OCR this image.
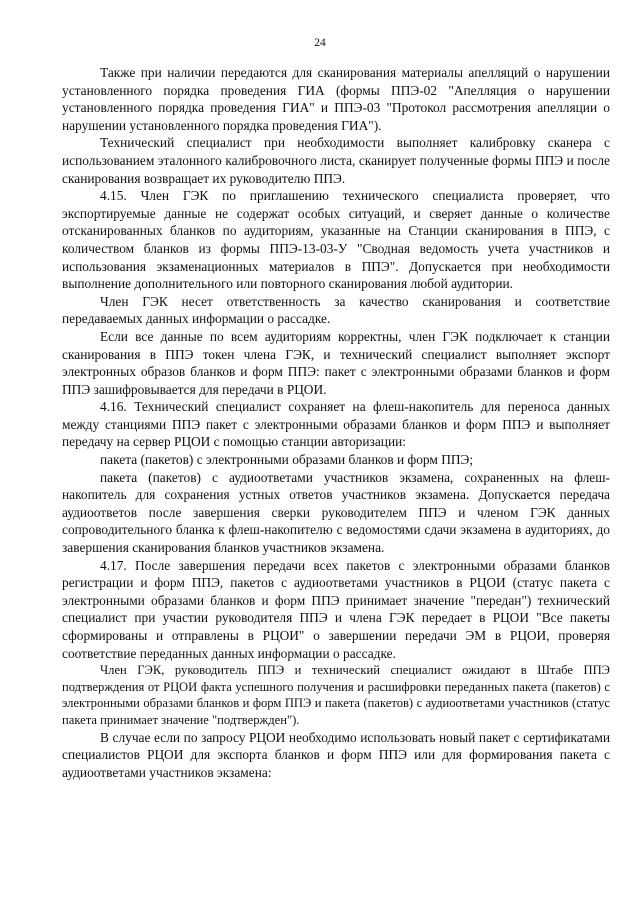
24

Также при наличии передаются для сканирования материалы апелляций о нарушении установленного порядка проведения ГИА (формы ППЭ-02 "Апелляция о нарушении установленного порядка проведения ГИА" и ППЭ-03 "Протокол рассмотрения апелляции о нарушении установленного порядка проведения ГИА").

Технический специалист при необходимости выполняет калибровку сканера с использованием эталонного калибровочного листа, сканирует полученные формы ППЭ и после сканирования возвращает их руководителю ППЭ.

4.15. Член ГЭК по приглашению технического специалиста проверяет, что экспортируемые данные не содержат особых ситуаций, и сверяет данные о количестве отсканированных бланков по аудиториям, указанные на Станции сканирования в ППЭ, с количеством бланков из формы ППЭ-13-03-У "Сводная ведомость учета участников и использования экзаменационных материалов в ППЭ". Допускается при необходимости выполнение дополнительного или повторного сканирования любой аудитории.

Член ГЭК несет ответственность за качество сканирования и соответствие передаваемых данных информации о рассадке.

Если все данные по всем аудиториям корректны, член ГЭК подключает к станции сканирования в ППЭ токен члена ГЭК, и технический специалист выполняет экспорт электронных образов бланков и форм ППЭ: пакет с электронными образами бланков и форм ППЭ зашифровывается для передачи в РЦОИ.

4.16. Технический специалист сохраняет на флеш-накопитель для переноса данных между станциями ППЭ пакет с электронными образами бланков и форм ППЭ и выполняет передачу на сервер РЦОИ с помощью станции авторизации:

пакета (пакетов) с электронными образами бланков и форм ППЭ;

пакета (пакетов) с аудиоответами участников экзамена, сохраненных на флеш-накопитель для сохранения устных ответов участников экзамена. Допускается передача аудиоответов после завершения сверки руководителем ППЭ и членом ГЭК данных сопроводительного бланка к флеш-накопителю с ведомостями сдачи экзамена в аудиториях, до завершения сканирования бланков участников экзамена.

4.17. После завершения передачи всех пакетов с электронными образами бланков регистрации и форм ППЭ, пакетов с аудиоответами участников в РЦОИ (статус пакета с электронными образами бланков и форм ППЭ принимает значение "передан") технический специалист при участии руководителя ППЭ и члена ГЭК передает в РЦОИ "Все пакеты сформированы и отправлены в РЦОИ" о завершении передачи ЭМ в РЦОИ, проверяя соответствие переданных данных информации о рассадке.

Член ГЭК, руководитель ППЭ и технический специалист ожидают в Штабе ППЭ подтверждения от РЦОИ факта успешного получения и расшифровки переданных пакета (пакетов) с электронными образами бланков и форм ППЭ и пакета (пакетов) с аудиоответами участников (статус пакета принимает значение "подтвержден").

В случае если по запросу РЦОИ необходимо использовать новый пакет с сертификатами специалистов РЦОИ для экспорта бланков и форм ППЭ или для формирования пакета с аудиоответами участников экзамена:
